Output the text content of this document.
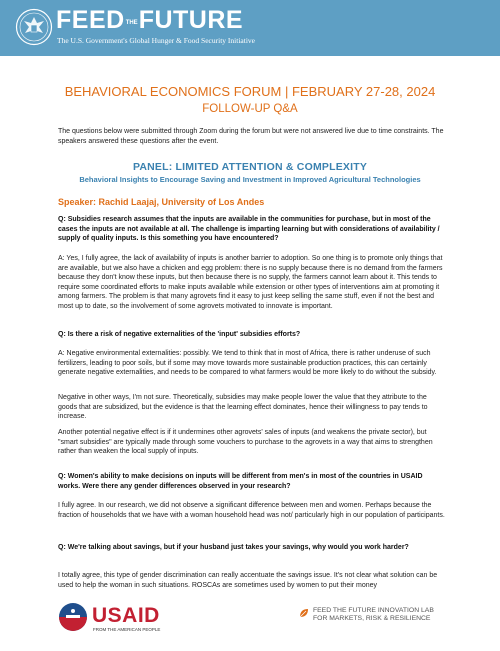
FEEDTHEFUTURE
The U.S. Government's Global Hunger & Food Security Initiative
BEHAVIORAL ECONOMICS FORUM | FEBRUARY 27-28, 2024
FOLLOW-UP Q&A

The questions below were submitted through Zoom during the forum but were not answered live due to time constraints. The speakers answered these questions after the event.

PANEL: LIMITED ATTENTION & COMPLEXITY
Behavioral Insights to Encourage Saving and Investment in Improved Agricultural Technologies
Speaker: Rachid Laajaj, University of Los Andes

Q: Subsidies research assumes that the inputs are available in the communities for purchase, but in most of the cases the inputs are not available at all. The challenge is imparting learning but with considerations of availability / supply of quality inputs. Is this something you have encountered?

A: Yes, I fully agree, the lack of availability of inputs is another barrier to adoption. So one thing is to promote only things that are available, but we also have a chicken and egg problem: there is no supply because there is no demand from the farmers because they don't know these inputs, but then because there is no supply, the farmers cannot learn about it. This tends to require some coordinated efforts to make inputs available while extension or other types of interventions aim at promoting it among farmers. The problem is that many agrovets find it easy to just keep selling the same stuff, even if not the best and most up to date, so the involvement of some agrovets motivated to innovate is important.

Q: Is there a risk of negative externalities of the 'input' subsidies efforts?

A: Negative environmental externalities: possibly. We tend to think that in most of Africa, there is rather underuse of such fertilizers, leading to poor soils, but if some may move towards more sustainable production practices, this can certainly generate negative externalities, and needs to be compared to what farmers would be more likely to do without the subsidy.

Negative in other ways, I'm not sure. Theoretically, subsidies may make people lower the value that they attribute to the goods that are subsidized, but the evidence is that the learning effect dominates, hence their willingness to pay tends to increase.

Another potential negative effect is if it undermines other agrovets' sales of inputs (and weakens the private sector), but "smart subsidies" are typically made through some vouchers to purchase to the agrovets in a way that aims to strengthen rather than weaken the local supply of inputs.

Q: Women's ability to make decisions on inputs will be different from men's in most of the countries in USAID works. Were there any gender differences observed in your research?

I fully agree. In our research, we did not observe a significant difference between men and women. Perhaps because the fraction of households that we have with a woman household head was not/ particularly high in our population of participants.

Q: We're talking about savings, but if your husband just takes your savings, why would you work harder?

I totally agree, this type of gender discrimination can really accentuate the savings issue. It's not clear what solution can be used to help the woman in such situations. ROSCAs are sometimes used by women to put their money

USAID
FROM THE AMERICAN PEOPLE
FEED THE FUTURE INNOVATION LAB
FOR MARKETS, RISK & RESILIENCE
